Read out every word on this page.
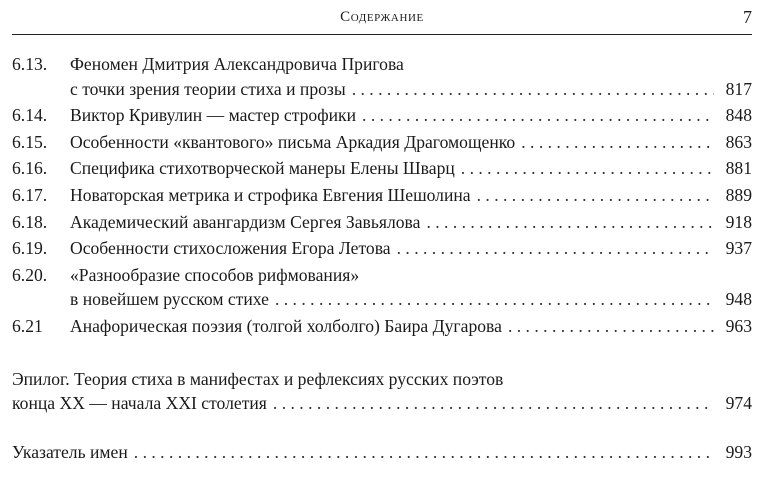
Содержание	7
6.13.	Феномен Дмитрия Александровича Пригова
с точки зрения теории стиха и прозы . . .	817
6.14.	Виктор Кривулин — мастер строфики . . .	848
6.15.	Особенности «квантового» письма Аркадия Драгомощенко . . .	863
6.16.	Специфика стихотворческой манеры Елены Шварц . . .	881
6.17.	Новаторская метрика и строфика Евгения Шешолина . . .	889
6.18.	Академический авангардизм Сергея Завьялова . . .	918
6.19.	Особенности стихосложения Егора Летова . . .	937
6.20.	«Разнообразие способов рифмования»
в новейшем русском стихе . . .	948
6.21	Анафорическая поэзия (толгой холболго) Баира Дугарова . . .	963
Эпилог. Теория стиха в манифестах и рефлексиях русских поэтов
конца XX — начала XXI столетия . . .	974
Указатель имен . . .	993
